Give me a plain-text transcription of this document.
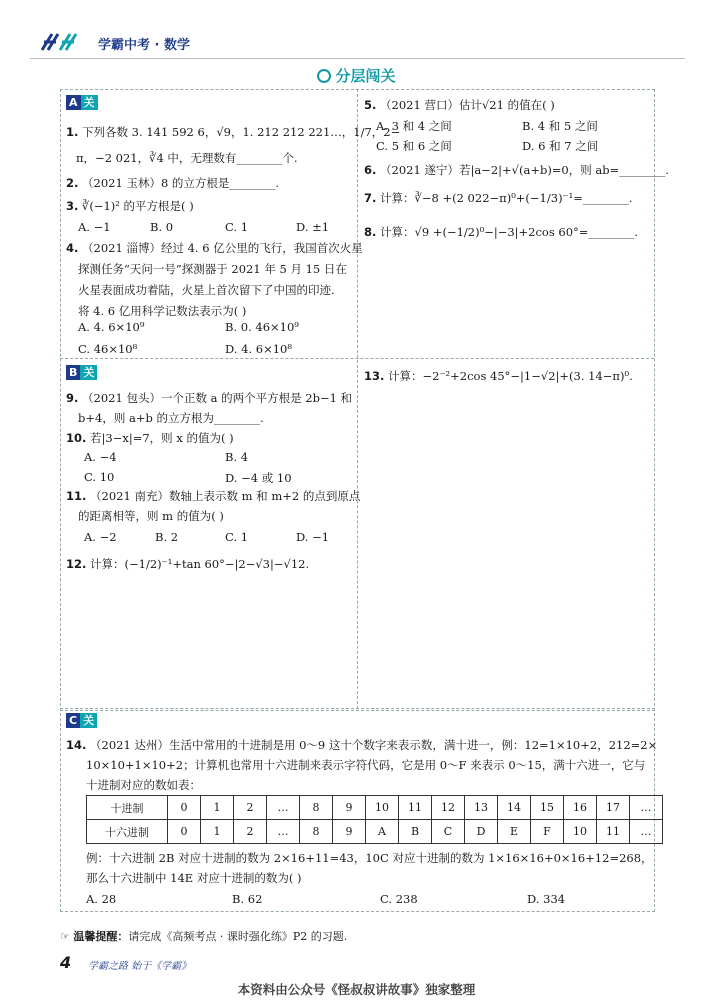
学霸中考 · 数学
分层闯关
A 关
1. 下列各数 3. 141 592 6，√9，1. 212 212 221…，1/7，2−
π，−2 021，∛4 中，无理数有________个.
2. （2021 玉林）8 的立方根是________.
3. ∛(−1)² 的平方根是( )
A. −1	B. 0	C. 1	D. ±1
4. （2021 淄博）经过 4. 6 亿公里的飞行，我国首次火星
探测任务“天问一号”探测器于 2021 年 5 月 15 日在
火星表面成功着陆，火星上首次留下了中国的印迹.
将 4. 6 亿用科学记数法表示为( )
A. 4. 6×10⁹	B. 0. 46×10⁹
C. 46×10⁸	D. 4. 6×10⁸
5. （2021 营口）估计√21 的值在( )
A. 3 和 4 之间	B. 4 和 5 之间
C. 5 和 6 之间	D. 6 和 7 之间
6. （2021 遂宁）若|a−2|+√(a+b)=0，则 ab=________.
7. 计算：∛−8 +(2 022−π)⁰+(−1/3)⁻¹=________.
8. 计算：√9 +(−1/2)⁰−|−3|+2cos 60°=________.
B 关
9. （2021 包头）一个正数 a 的两个平方根是 2b−1 和
b+4，则 a+b 的立方根为________.
10. 若|3−x|=7，则 x 的值为( )
A. −4	B. 4
C. 10	D. −4 或 10
11. （2021 南充）数轴上表示数 m 和 m+2 的点到原点
的距离相等，则 m 的值为( )
A. −2	B. 2	C. 1	D. −1
12. 计算：(−1/2)⁻¹+tan 60°−|2−√3|−√12.
13. 计算：−2⁻²+2cos 45°−|1−√2|+(3. 14−π)⁰.
C 关
14. （2021 达州）生活中常用的十进制是用 0～9 这十个数字来表示数，满十进一，例：12=1×10+2，212=2×
10×10+1×10+2；计算机也常用十六进制来表示字符代码，它是用 0～F 来表示 0～15，满十六进一，它与
十进制对应的数如表：
十进制	0	1	2	…	8	9	10	11	12	13	14	15	16	17	…
十六进制	0	1	2	…	8	9	A	B	C	D	E	F	10	11	…
例：十六进制 2B 对应十进制的数为 2×16+11=43，10C 对应十进制的数为 1×16×16+0×16+12=268，
那么十六进制中 14E 对应十进制的数为( )
A. 28	B. 62	C. 238	D. 334
☞ 温馨提醒：请完成《高频考点 · 课时强化练》P2 的习题.
4 学霸之路 始于《学霸》
本资料由公众号《怪叔叔讲故事》独家整理
